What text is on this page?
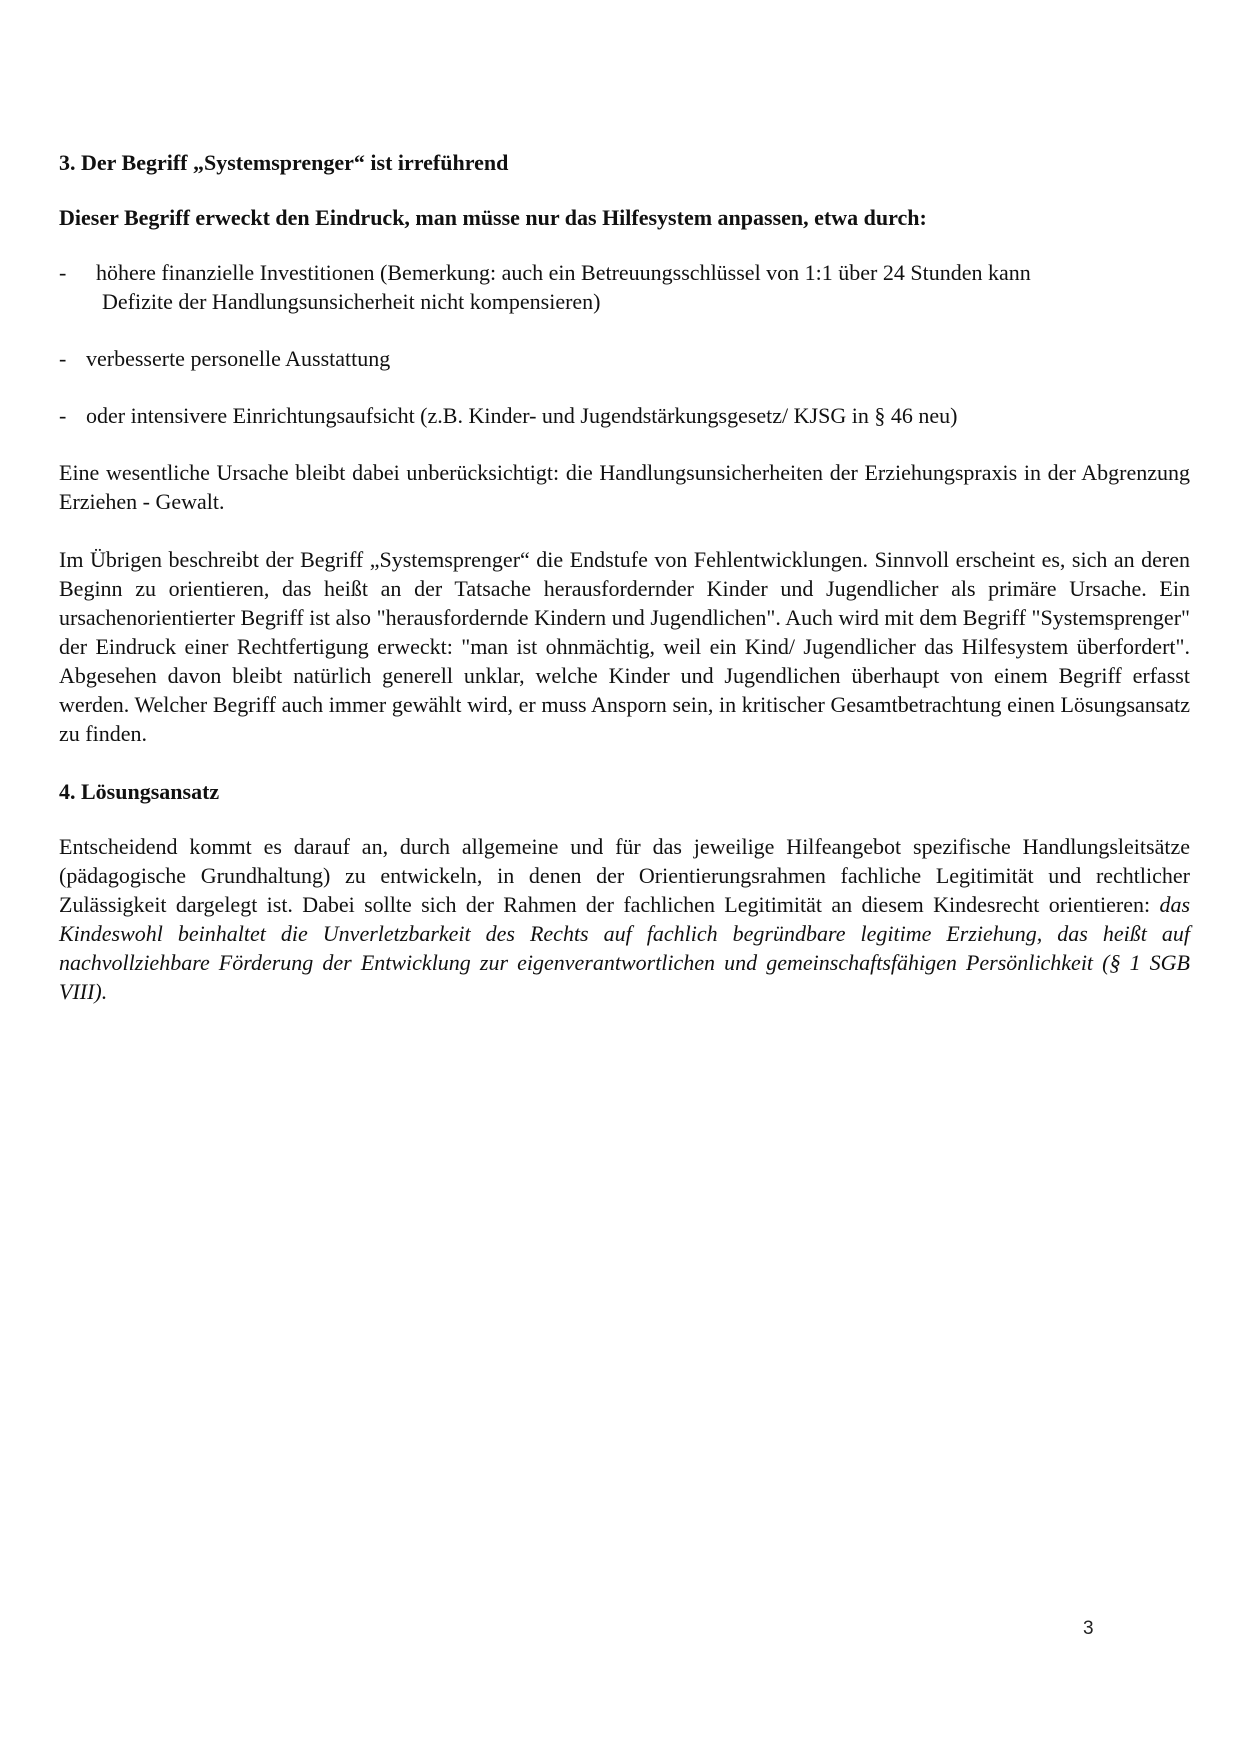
3. Der Begriff „Systemsprenger“ ist irreführend

Dieser Begriff erweckt den Eindruck, man müsse nur das Hilfesystem anpassen, etwa durch:

-	höhere finanzielle Investitionen (Bemerkung: auch ein Betreuungsschlüssel von 1:1 über 24 Stunden kann
Defizite der Handlungsunsicherheit nicht kompensieren)
- verbesserte personelle Ausstattung
- oder intensivere Einrichtungsaufsicht (z.B. Kinder- und Jugendstärkungsgesetz/ KJSG in § 46 neu)

Eine wesentliche Ursache bleibt dabei unberücksichtigt: die Handlungsunsicherheiten der Erziehungspraxis in der Abgrenzung Erziehen - Gewalt.

Im Übrigen beschreibt der Begriff „Systemsprenger“ die Endstufe von Fehlentwicklungen. Sinnvoll erscheint es, sich an deren Beginn zu orientieren, das heißt an der Tatsache herausfordernder Kinder und Jugendlicher als primäre Ursache. Ein ursachenorientierter Begriff ist also "herausfordernde Kindern und Jugendlichen". Auch wird mit dem Begriff "Systemsprenger" der Eindruck einer Rechtfertigung erweckt: "man ist ohnmächtig, weil ein Kind/ Jugendlicher das Hilfesystem überfordert". Abgesehen davon bleibt natürlich generell unklar, welche Kinder und Jugendlichen überhaupt von einem Begriff erfasst werden. Welcher Begriff auch immer gewählt wird, er muss Ansporn sein, in kritischer Gesamtbetrachtung einen Lösungsansatz zu finden.

4. Lösungsansatz

Entscheidend kommt es darauf an, durch allgemeine und für das jeweilige Hilfeangebot spezifische Handlungsleitsätze (pädagogische Grundhaltung) zu entwickeln, in denen der Orientierungsrahmen fachliche Legitimität und rechtlicher Zulässigkeit dargelegt ist. Dabei sollte sich der Rahmen der fachlichen Legitimität an diesem Kindesrecht orientieren: das Kindeswohl beinhaltet die Unverletzbarkeit des Rechts auf fachlich begründbare legitime Erziehung, das heißt auf nachvollziehbare Förderung der Entwicklung zur eigenverantwortlichen und gemeinschaftsfähigen Persönlichkeit (§ 1 SGB VIII).

3
